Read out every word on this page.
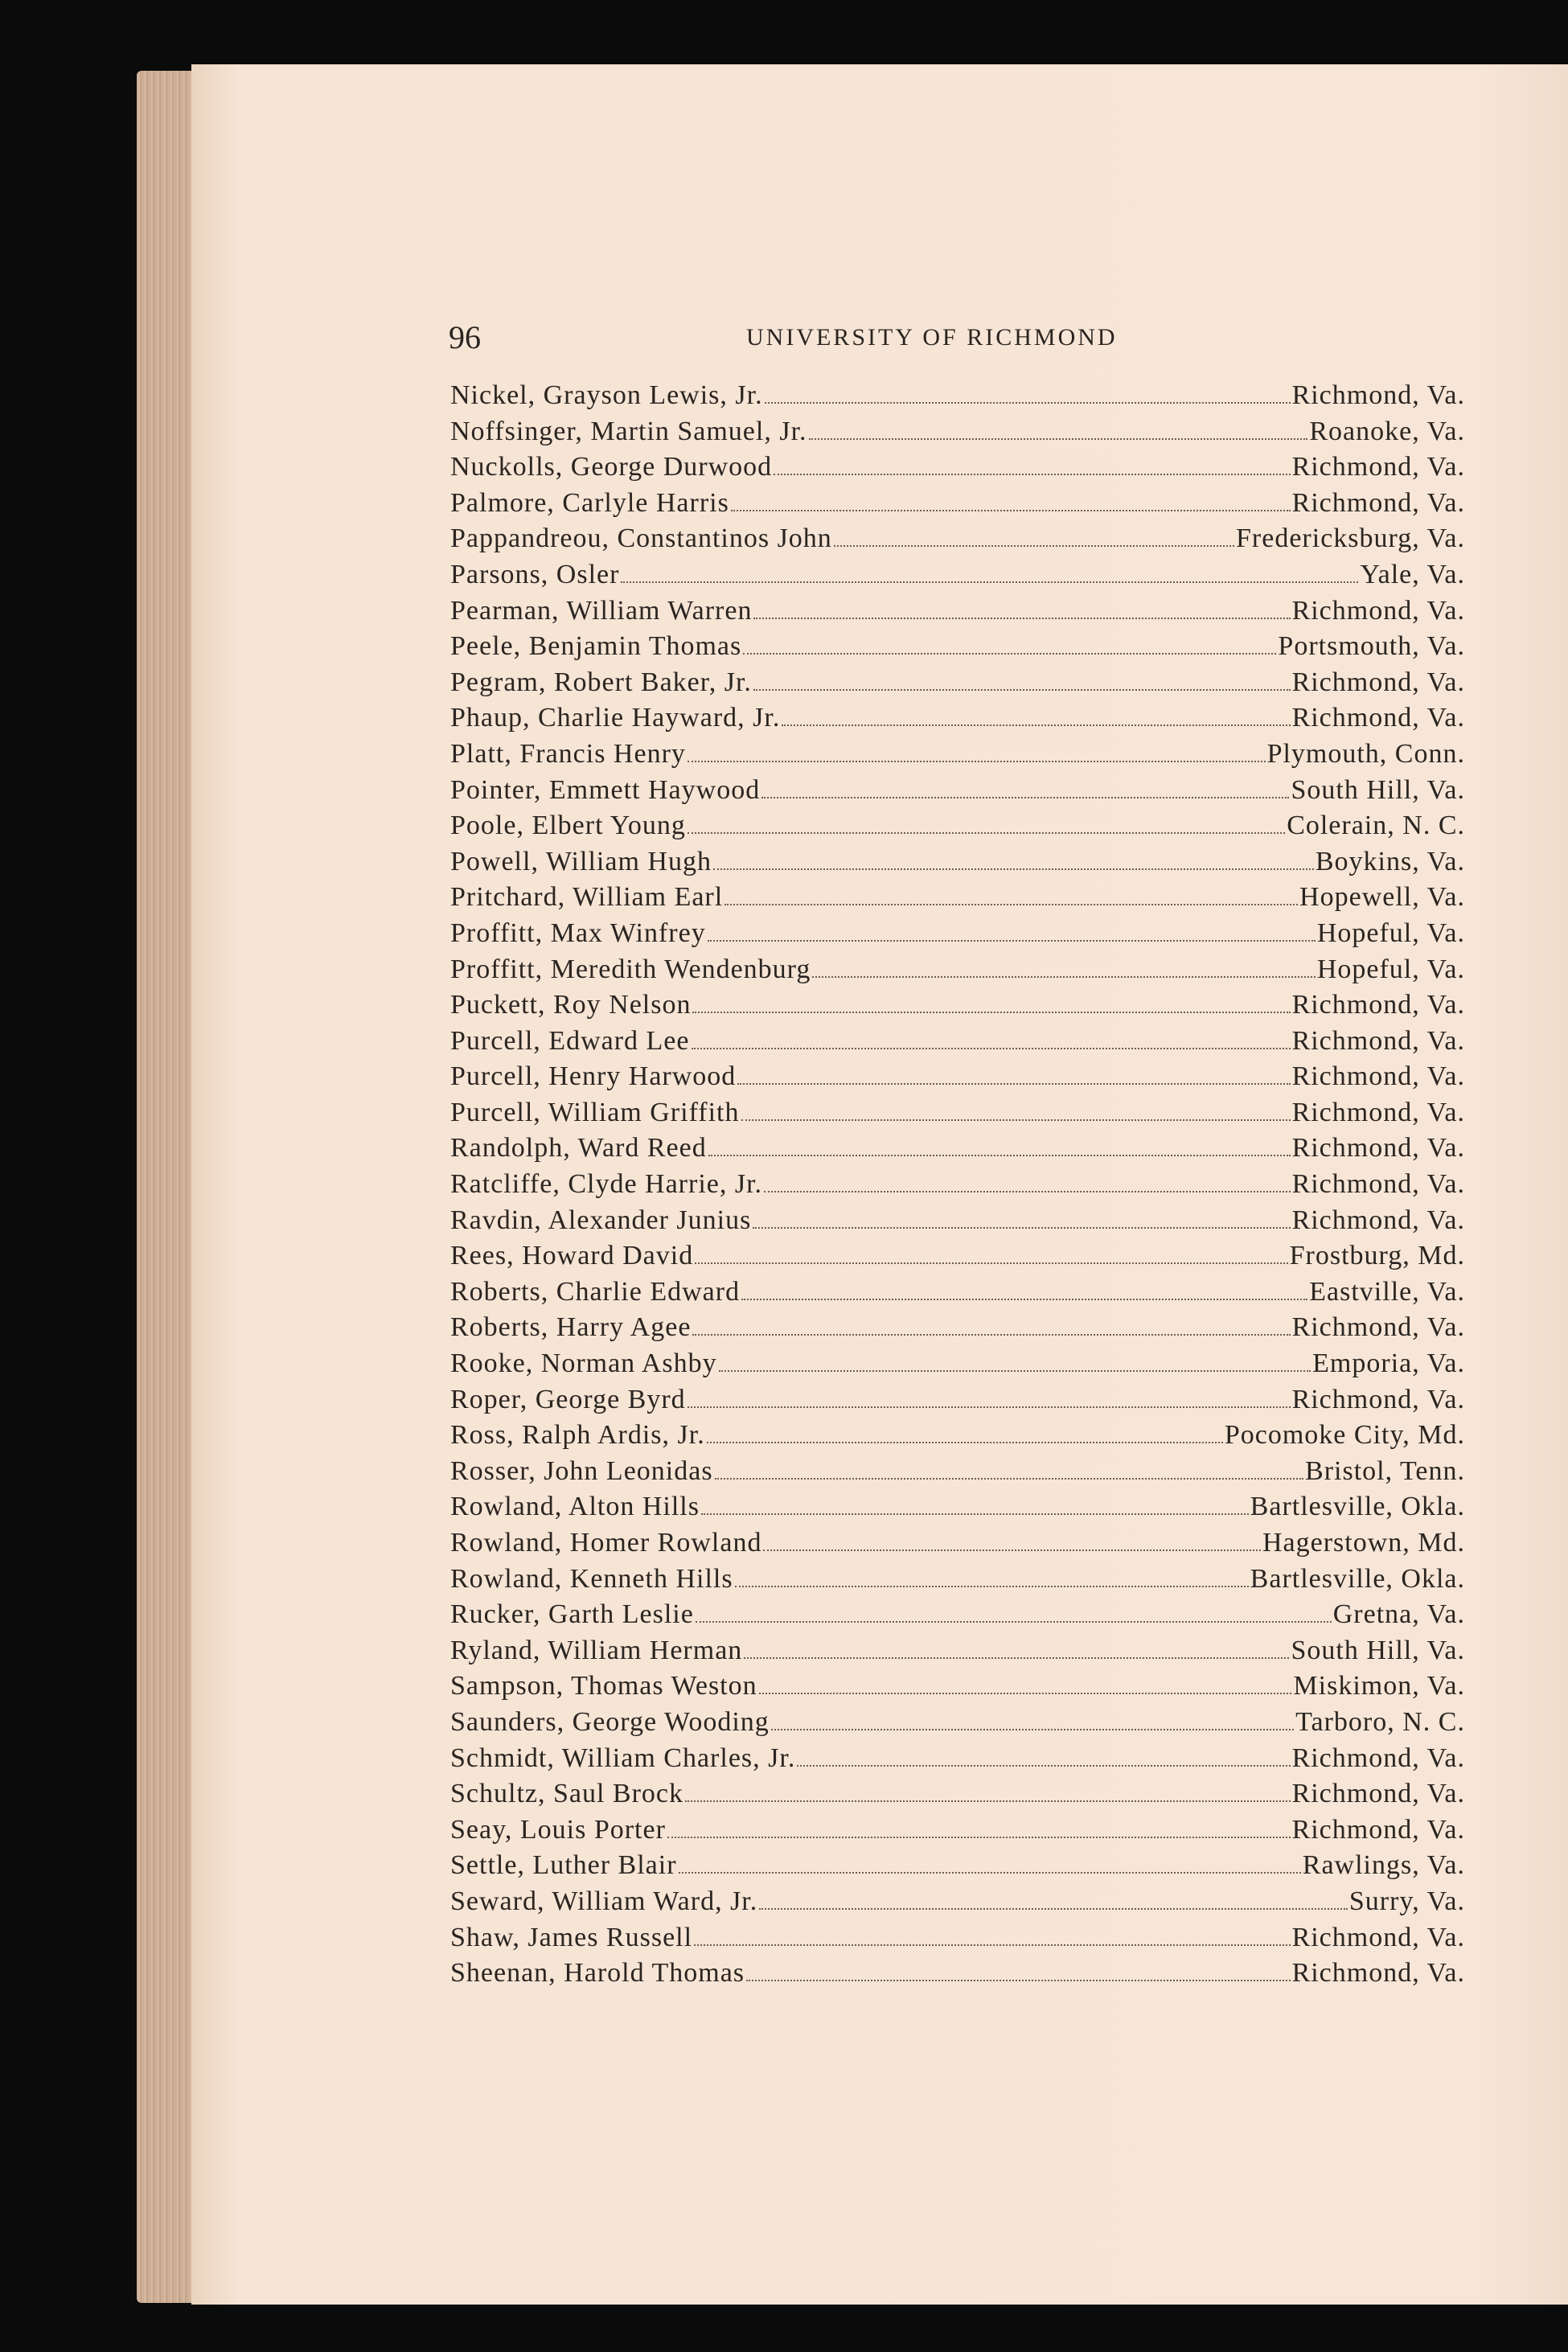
96	UNIVERSITY OF RICHMOND
Nickel, Grayson Lewis, Jr.	Richmond, Va.
Noffsinger, Martin Samuel, Jr.	Roanoke, Va.
Nuckolls, George Durwood	Richmond, Va.
Palmore, Carlyle Harris	Richmond, Va.
Pappandreou, Constantinos John	Fredericksburg, Va.
Parsons, Osler	Yale, Va.
Pearman, William Warren	Richmond, Va.
Peele, Benjamin Thomas	Portsmouth, Va.
Pegram, Robert Baker, Jr.	Richmond, Va.
Phaup, Charlie Hayward, Jr.	Richmond, Va.
Platt, Francis Henry	Plymouth, Conn.
Pointer, Emmett Haywood	South Hill, Va.
Poole, Elbert Young	Colerain, N. C.
Powell, William Hugh	Boykins, Va.
Pritchard, William Earl	Hopewell, Va.
Proffitt, Max Winfrey	Hopeful, Va.
Proffitt, Meredith Wendenburg	Hopeful, Va.
Puckett, Roy Nelson	Richmond, Va.
Purcell, Edward Lee	Richmond, Va.
Purcell, Henry Harwood	Richmond, Va.
Purcell, William Griffith	Richmond, Va.
Randolph, Ward Reed	Richmond, Va.
Ratcliffe, Clyde Harrie, Jr.	Richmond, Va.
Ravdin, Alexander Junius	Richmond, Va.
Rees, Howard David	Frostburg, Md.
Roberts, Charlie Edward	Eastville, Va.
Roberts, Harry Agee	Richmond, Va.
Rooke, Norman Ashby	Emporia, Va.
Roper, George Byrd	Richmond, Va.
Ross, Ralph Ardis, Jr.	Pocomoke City, Md.
Rosser, John Leonidas	Bristol, Tenn.
Rowland, Alton Hills	Bartlesville, Okla.
Rowland, Homer Rowland	Hagerstown, Md.
Rowland, Kenneth Hills	Bartlesville, Okla.
Rucker, Garth Leslie	Gretna, Va.
Ryland, William Herman	South Hill, Va.
Sampson, Thomas Weston	Miskimon, Va.
Saunders, George Wooding	Tarboro, N. C.
Schmidt, William Charles, Jr.	Richmond, Va.
Schultz, Saul Brock	Richmond, Va.
Seay, Louis Porter	Richmond, Va.
Settle, Luther Blair	Rawlings, Va.
Seward, William Ward, Jr.	Surry, Va.
Shaw, James Russell	Richmond, Va.
Sheenan, Harold Thomas	Richmond, Va.
